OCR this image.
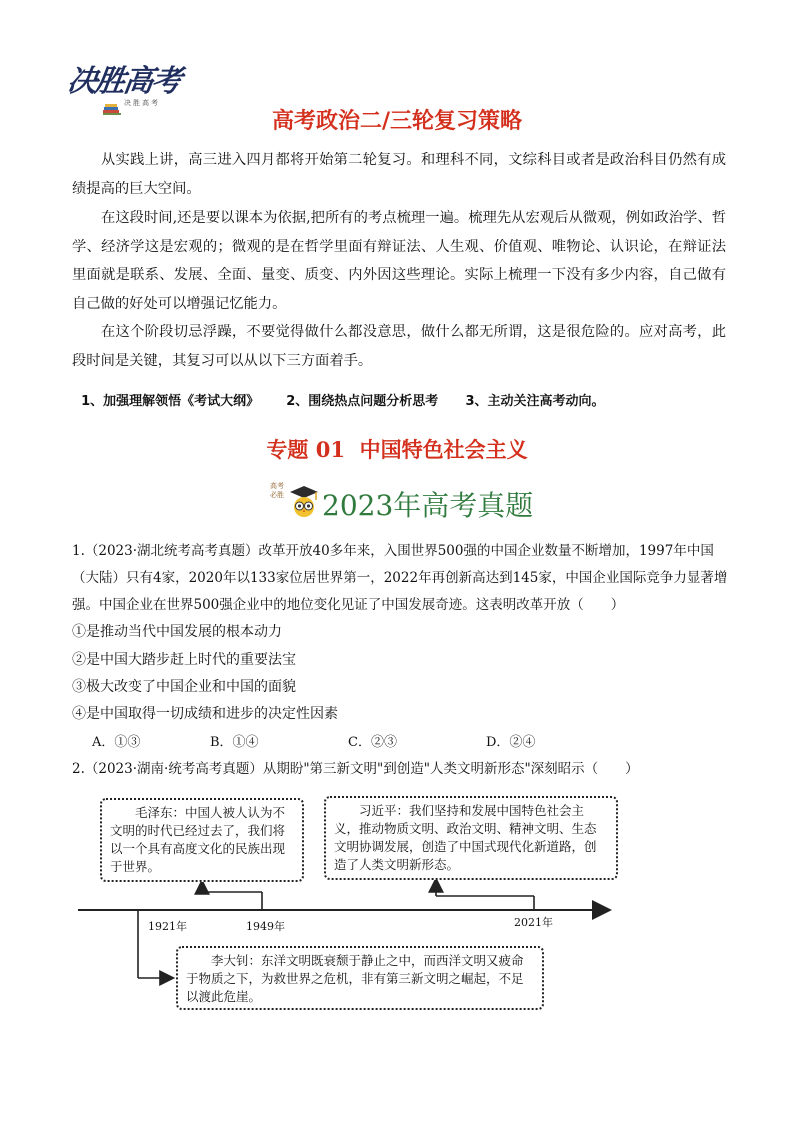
决胜高考
决胜高考
高考政治二/三轮复习策略

从实践上讲，高三进入四月都将开始第二轮复习。和理科不同，文综科目或者是政治科目仍然有成绩提高的巨大空间。

在这段时间,还是要以课本为依据,把所有的考点梳理一遍。梳理先从宏观后从微观，例如政治学、哲学、经济学这是宏观的；微观的是在哲学里面有辩证法、人生观、价值观、唯物论、认识论，在辩证法里面就是联系、发展、全面、量变、质变、内外因这些理论。实际上梳理一下没有多少内容，自己做有自己做的好处可以增强记忆能力。

在这个阶段切忌浮躁，不要觉得做什么都没意思，做什么都无所谓，这是很危险的。应对高考，此段时间是关键，其复习可以从以下三方面着手。

1、加强理解领悟《考试大纲》 2、围绕热点问题分析思考 3、主动关注高考动向。

专题 01 中国特色社会主义
高考必胜 2023年高考真题

1.（2023·湖北统考高考真题）改革开放40多年来，入围世界500强的中国企业数量不断增加，1997年中国（大陆）只有4家，2020年以133家位居世界第一，2022年再创新高达到145家，中国企业国际竞争力显著增强。中国企业在世界500强企业中的地位变化见证了中国发展奇迹。这表明改革开放（　　）

①是推动当代中国发展的根本动力
②是中国大踏步赶上时代的重要法宝
③极大改变了中国企业和中国的面貌
④是中国取得一切成绩和进步的决定性因素
A．①③	B．①④	C．②③	D．②④

2.（2023·湖南·统考高考真题）从期盼"第三新文明"到创造"人类文明新形态"深刻昭示（　　）

毛泽东：中国人被人认为不文明的时代已经过去了，我们将以一个具有高度文化的民族出现于世界。

习近平：我们坚持和发展中国特色社会主义，推动物质文明、政治文明、精神文明、生态文明协调发展，创造了中国式现代化新道路，创造了人类文明新形态。

李大钊：东洋文明既衰颓于静止之中，而西洋文明又疲命于物质之下，为救世界之危机，非有第三新文明之崛起，不足以渡此危崖。

1921年	1949年	2021年
